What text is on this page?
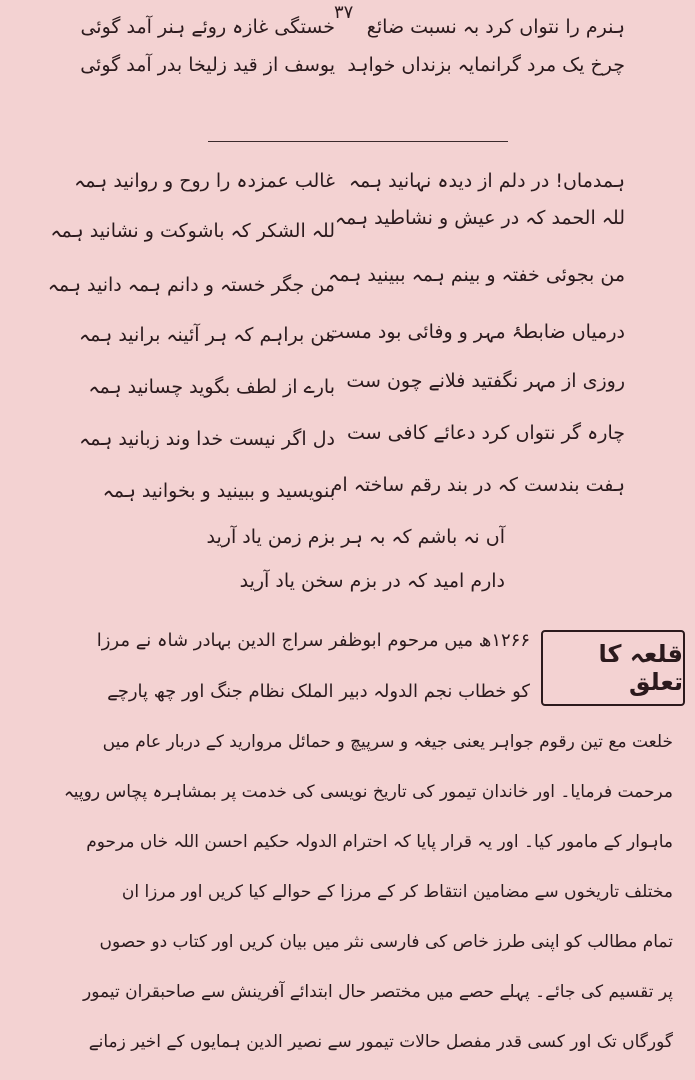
۳۷
ہنرم را نتواں کرد بہ نسبت ضائع
چرخ یک مرد گرانمایہ بزنداں خواہد
خستگی غازہ روئے ہنر آمد گوئی
یوسف از قید زلیخا بدر آمد گوئی
ہمدماں! در دلم از دیدہ نہانید ہمہ
للہ الحمد کہ در عیش و نشاطید ہمہ
من بجوئی خفتہ و بینم ہمہ ببینید ہمہ
درمیاں ضابطۂ مہر و وفائی بود مست
روزی از مہر نگفتید فلانے چون ست
چارہ گر نتواں کرد دعائے کافی ست
ہفت بندست کہ در بند رقم ساختہ ام
غالب عمزدہ را روح و روانید ہمہ
للہ الشکر کہ باشوکت و نشانید ہمہ
من جگر خستہ و دانم ہمہ دانید ہمہ
من براہم کہ ہر آئینہ برانید ہمہ
بارے از لطف بگوید چسانید ہمہ
دل اگر نیست خدا وند زبانید ہمہ
بنویسید و ببینید و بخوانید ہمہ
آں نہ باشم کہ بہ ہر بزم زمن یاد آرید
دارم امید کہ در بزم سخن یاد آرید
قلعہ کا تعلق
۱۲۶۶ھ میں مرحوم ابوظفر سراج الدین بہادر شاہ نے مرزا
کو خطاب نجم الدولہ دبیر الملک نظام جنگ اور چھ پارچے
خلعت مع تین رقوم جواہر یعنی جیغہ و سرپیچ و حمائل مروارید کے دربار عام میں
مرحمت فرمایا۔ اور خاندان تیمور کی تاریخ نویسی کی خدمت پر بمشاہرہ پچاس روپیہ
ماہوار کے مامور کیا۔ اور یہ قرار پایا کہ احترام الدولہ حکیم احسن اللہ خاں مرحوم
مختلف تاریخوں سے مضامین انتقاط کر کے مرزا کے حوالے کیا کریں اور مرزا ان
تمام مطالب کو اپنی طرز خاص کی فارسی نثر میں بیان کریں اور کتاب دو حصوں
پر تقسیم کی جائے۔ پہلے حصے میں مختصر حال ابتدائے آفرینش سے صاحبقران تیمور
گورگاں تک اور کسی قدر مفصل حالات تیمور سے نصیر الدین ہمایوں کے اخیر زمانے
